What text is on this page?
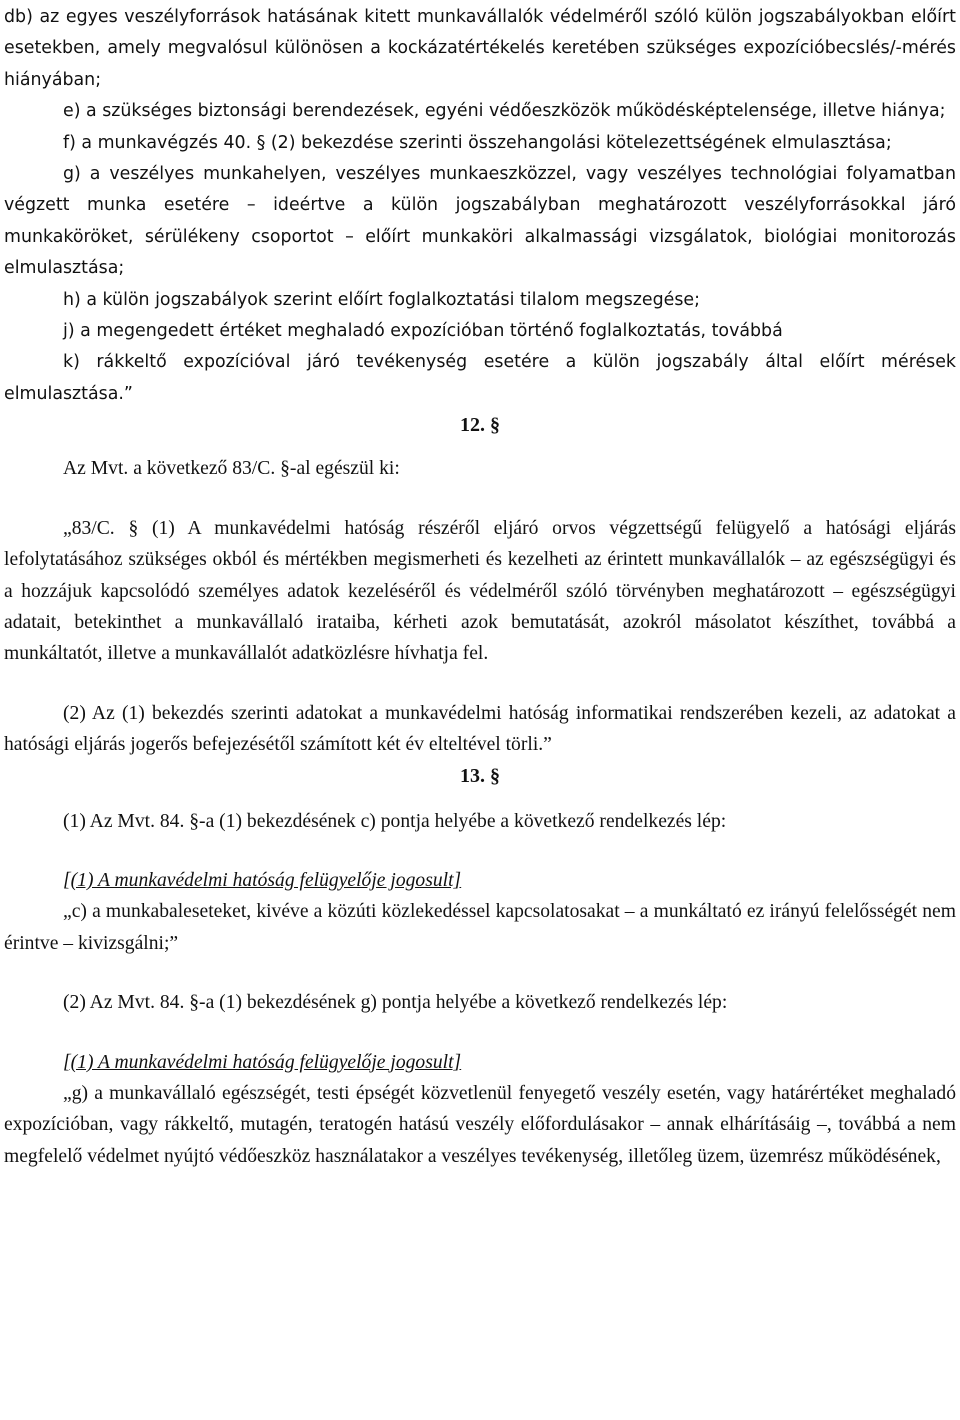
db) az egyes veszélyforrások hatásának kitett munkavállalók védelméről szóló külön jogszabályokban előírt esetekben, amely megvalósul különösen a kockázatértékelés keretében szükséges expozícióbecslés/-mérés hiányában;

e) a szükséges biztonsági berendezések, egyéni védőeszközök működésképtelensége, illetve hiánya;

f) a munkavégzés 40. § (2) bekezdése szerinti összehangolási kötelezettségének elmulasztása;

g) a veszélyes munkahelyen, veszélyes munkaeszközzel, vagy veszélyes technológiai folyamatban végzett munka esetére – ideértve a külön jogszabályban meghatározott veszélyforrásokkal járó munkaköröket, sérülékeny csoportot – előírt munkaköri alkalmassági vizsgálatok, biológiai monitorozás elmulasztása;

h) a külön jogszabályok szerint előírt foglalkoztatási tilalom megszegése;

j) a megengedett értéket meghaladó expozícióban történő foglalkoztatás, továbbá

k) rákkeltő expozícióval járó tevékenység esetére a külön jogszabály által előírt mérések elmulasztása.”

12. §

Az Mvt. a következő 83/C. §-al egészül ki:

„83/C. § (1) A munkavédelmi hatóság részéről eljáró orvos végzettségű felügyelő a hatósági eljárás lefolytatásához szükséges okból és mértékben megismerheti és kezelheti az érintett munkavállalók – az egészségügyi és a hozzájuk kapcsolódó személyes adatok kezeléséről és védelméről szóló törvényben meghatározott – egészségügyi adatait, betekinthet a munkavállaló irataiba, kérheti azok bemutatását, azokról másolatot készíthet, továbbá a munkáltatót, illetve a munkavállalót adatközlésre hívhatja fel.

(2) Az (1) bekezdés szerinti adatokat a munkavédelmi hatóság informatikai rendszerében kezeli, az adatokat a hatósági eljárás jogerős befejezésétől számított két év elteltével törli.”

13. §

(1) Az Mvt. 84. §-a (1) bekezdésének c) pontja helyébe a következő rendelkezés lép:

[(1) A munkavédelmi hatóság felügyelője jogosult]

„c) a munkabaleseteket, kivéve a közúti közlekedéssel kapcsolatosakat – a munkáltató ez irányú felelősségét nem érintve – kivizsgálni;”

(2) Az Mvt. 84. §-a (1) bekezdésének g) pontja helyébe a következő rendelkezés lép:

[(1) A munkavédelmi hatóság felügyelője jogosult]

„g) a munkavállaló egészségét, testi épségét közvetlenül fenyegető veszély esetén, vagy határértéket meghaladó expozícióban, vagy rákkeltő, mutagén, teratogén hatású veszély előfordulásakor – annak elhárításáig –, továbbá a nem megfelelő védelmet nyújtó védőeszköz használatakor a veszélyes tevékenység, illetőleg üzem, üzemrész működésének,
